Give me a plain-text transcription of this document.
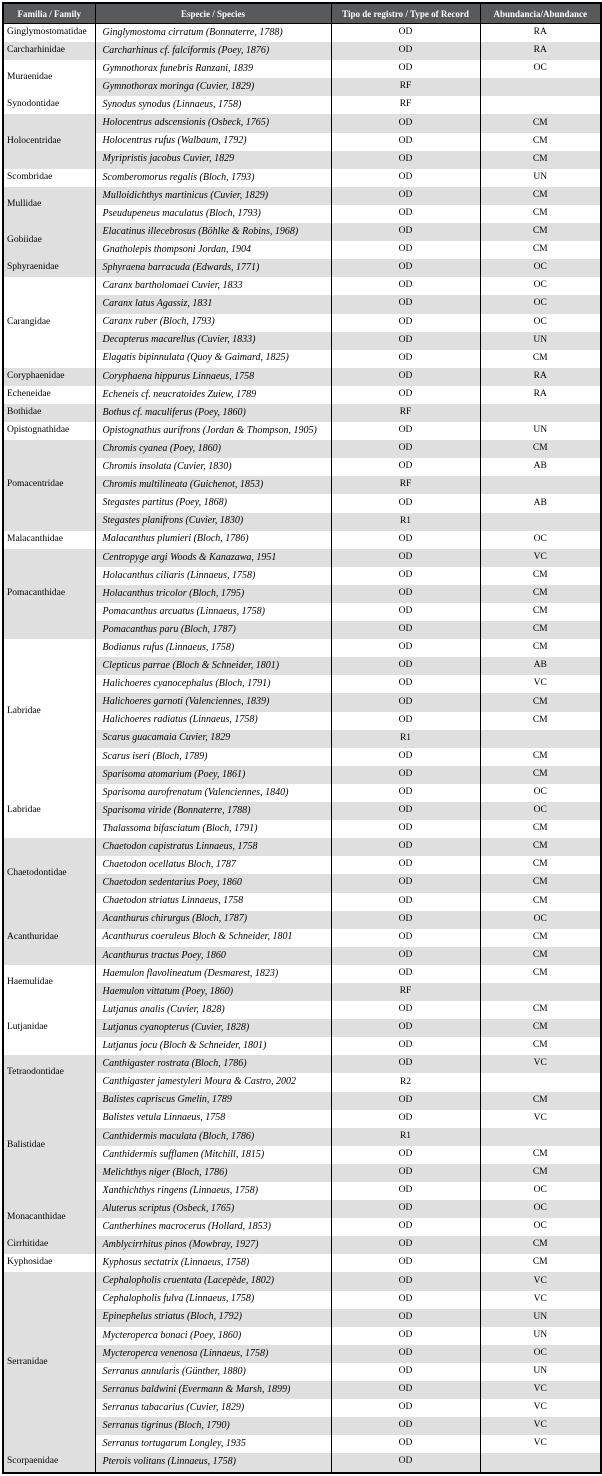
Familia / Family	Especie / Species	Tipo de registro / Type of Record	Abundancia/Abundance
Ginglymostomatidae	Ginglymostoma cirratum (Bonnaterre, 1788)	OD	RA
Carcharhinidae	Carcharhinus cf. falciformis (Poey, 1876)	OD	RA
Muraenidae	Gymnothorax funebris Ranzani, 1839	OD	OC
	Gymnothorax moringa (Cuvier, 1829)	RF	
Synodontidae	Synodus synodus (Linnaeus, 1758)	RF	
Holocentridae	Holocentrus adscensionis (Osbeck, 1765)	OD	CM
	Holocentrus rufus (Walbaum, 1792)	OD	CM
	Myripristis jacobus Cuvier, 1829	OD	CM
Scombridae	Scomberomorus regalis (Bloch, 1793)	OD	UN
Mullidae	Mulloidichthys martinicus (Cuvier, 1829)	OD	CM
	Pseudupeneus maculatus (Bloch, 1793)	OD	CM
Gobiidae	Elacatinus illecebrosus (Böhlke & Robins, 1968)	OD	CM
	Gnatholepis thompsoni Jordan, 1904	OD	CM
Sphyraenidae	Sphyraena barracuda (Edwards, 1771)	OD	OC
Carangidae	Caranx bartholomaei Cuvier, 1833	OD	OC
	Caranx latus Agassiz, 1831	OD	OC
	Caranx ruber (Bloch, 1793)	OD	OC
	Decapterus macarellus (Cuvier, 1833)	OD	UN
	Elagatis bipinnulata (Quoy & Gaimard, 1825)	OD	CM
Coryphaenidae	Coryphaena hippurus Linnaeus, 1758	OD	RA
Echeneidae	Echeneis cf. neucratoides Zuiew, 1789	OD	RA
Bothidae	Bothus cf. maculiferus (Poey, 1860)	RF	
Opistognathidae	Opistognathus aurifrons (Jordan & Thompson, 1905)	OD	UN
Pomacentridae	Chromis cyanea (Poey, 1860)	OD	CM
	Chromis insolata (Cuvier, 1830)	OD	AB
	Chromis multilineata (Guichenot, 1853)	RF	
	Stegastes partitus (Poey, 1868)	OD	AB
	Stegastes planifrons (Cuvier, 1830)	R1	
Malacanthidae	Malacanthus plumieri (Bloch, 1786)	OD	OC
Pomacanthidae	Centropyge argi Woods & Kanazawa, 1951	OD	VC
	Holacanthus ciliaris (Linnaeus, 1758)	OD	CM
	Holacanthus tricolor (Bloch, 1795)	OD	CM
	Pomacanthus arcuatus (Linnaeus, 1758)	OD	CM
	Pomacanthus paru (Bloch, 1787)	OD	CM
Labridae	Bodianus rufus (Linnaeus, 1758)	OD	CM
	Clepticus parrae (Bloch & Schneider, 1801)	OD	AB
	Halichoeres cyanocephalus (Bloch, 1791)	OD	VC
	Halichoeres garnoti (Valenciennes, 1839)	OD	CM
	Halichoeres radiatus (Linnaeus, 1758)	OD	CM
	Scarus guacamaia Cuvier, 1829	R1	
	Scarus iseri (Bloch, 1789)	OD	CM
	Sparisoma atomarium (Poey, 1861)	OD	CM
Labridae	Sparisoma aurofrenatum (Valenciennes, 1840)	OD	OC
	Sparisoma viride (Bonnaterre, 1788)	OD	OC
	Thalassoma bifasciatum (Bloch, 1791)	OD	CM
Chaetodontidae	Chaetodon capistratus Linnaeus, 1758	OD	CM
	Chaetodon ocellatus Bloch, 1787	OD	CM
	Chaetodon sedentarius Poey, 1860	OD	CM
	Chaetodon striatus Linnaeus, 1758	OD	CM
Acanthuridae	Acanthurus chirurgus (Bloch, 1787)	OD	OC
	Acanthurus coeruleus Bloch & Schneider, 1801	OD	CM
	Acanthurus tractus Poey, 1860	OD	CM
Haemulidae	Haemulon flavolineatum (Desmarest, 1823)	OD	CM
	Haemulon vittatum (Poey, 1860)	RF	
Lutjanidae	Lutjanus analis (Cuvier, 1828)	OD	CM
	Lutjanus cyanopterus (Cuvier, 1828)	OD	CM
	Lutjanus jocu (Bloch & Schneider, 1801)	OD	CM
Tetraodontidae	Canthigaster rostrata (Bloch, 1786)	OD	VC
	Canthigaster jamestyleri Moura & Castro, 2002	R2	
Balistidae	Balistes capriscus Gmelin, 1789	OD	CM
	Balistes vetula Linnaeus, 1758	OD	VC
	Canthidermis maculata (Bloch, 1786)	R1	
	Canthidermis sufflamen (Mitchill, 1815)	OD	CM
	Melichthys niger (Bloch, 1786)	OD	CM
	Xanthichthys ringens (Linnaeus, 1758)	OD	OC
Monacanthidae	Aluterus scriptus (Osbeck, 1765)	OD	OC
	Cantherhines macrocerus (Hollard, 1853)	OD	OC
Cirrhitidae	Amblycirrhitus pinos (Mowbray, 1927)	OD	CM
Kyphosidae	Kyphosus sectatrix (Linnaeus, 1758)	OD	CM
Serranidae	Cephalopholis cruentata (Lacepède, 1802)	OD	VC
	Cephalopholis fulva (Linnaeus, 1758)	OD	VC
	Epinephelus striatus (Bloch, 1792)	OD	UN
	Mycteroperca bonaci (Poey, 1860)	OD	UN
	Mycteroperca venenosa (Linnaeus, 1758)	OD	OC
	Serranus annularis (Günther, 1880)	OD	UN
	Serranus baldwini (Evermann & Marsh, 1899)	OD	VC
	Serranus tabacarius (Cuvier, 1829)	OD	VC
	Serranus tigrinus (Bloch, 1790)	OD	VC
	Serranus tortugarum Longley, 1935	OD	VC
Scorpaenidae	Pterois volitans (Linnaeus, 1758)	OD	
